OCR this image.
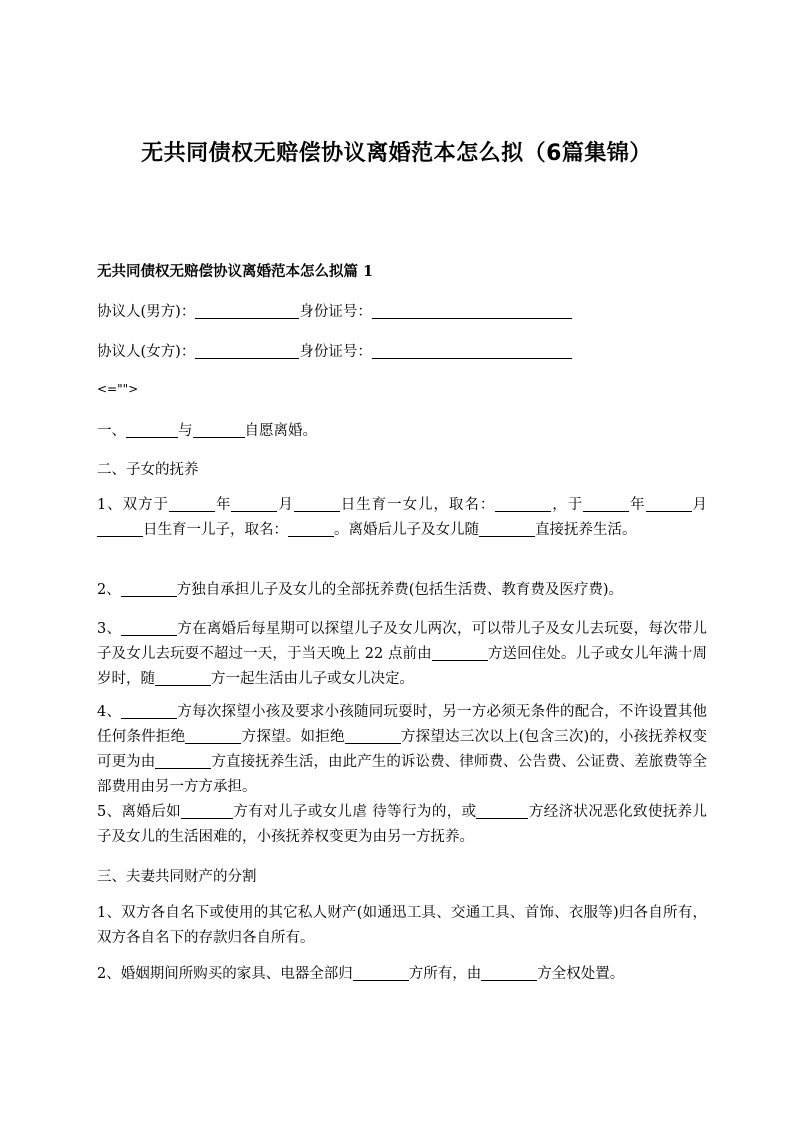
无共同债权无赔偿协议离婚范本怎么拟（6篇集锦）
无共同债权无赔偿协议离婚范本怎么拟篇 1
协议人(男方)：	身份证号：
协议人(女方)：	身份证号：
<="">
一、	与	自愿离婚。
二、子女的抚养
1、双方于	年	月	日生育一女儿，取名：	，于	年	月日生育一儿子，取名：	。离婚后儿子及女儿随	直接抚养生活。
2、	方独自承担儿子及女儿的全部抚养费(包括生活费、教育费及医疗费)。
3、	方在离婚后每星期可以探望儿子及女儿两次，可以带儿子及女儿去玩耍，每次带儿子及女儿去玩耍不超过一天，于当天晚上 22 点前由	方送回住处。儿子或女儿年满十周岁时，随	方一起生活由儿子或女儿决定。
4、	方每次探望小孩及要求小孩随同玩耍时，另一方必须无条件的配合，不许设置其他任何条件拒绝	方探望。如拒绝	方探望达三次以上(包含三次)的，小孩抚养权变可更为由	方直接抚养生活，由此产生的诉讼费、律师费、公告费、公证费、差旅费等全部费用由另一方方承担。
5、离婚后如	方有对儿子或女儿虐 待等行为的，或	方经济状况恶化致使抚养儿子及女儿的生活困难的，小孩抚养权变更为由另一方抚养。
三、夫妻共同财产的分割
1、双方各自名下或使用的其它私人财产(如通迅工具、交通工具、首饰、衣服等)归各自所有，双方各自名下的存款归各自所有。
2、婚姻期间所购买的家具、电器全部归	方所有，由	方全权处置。
